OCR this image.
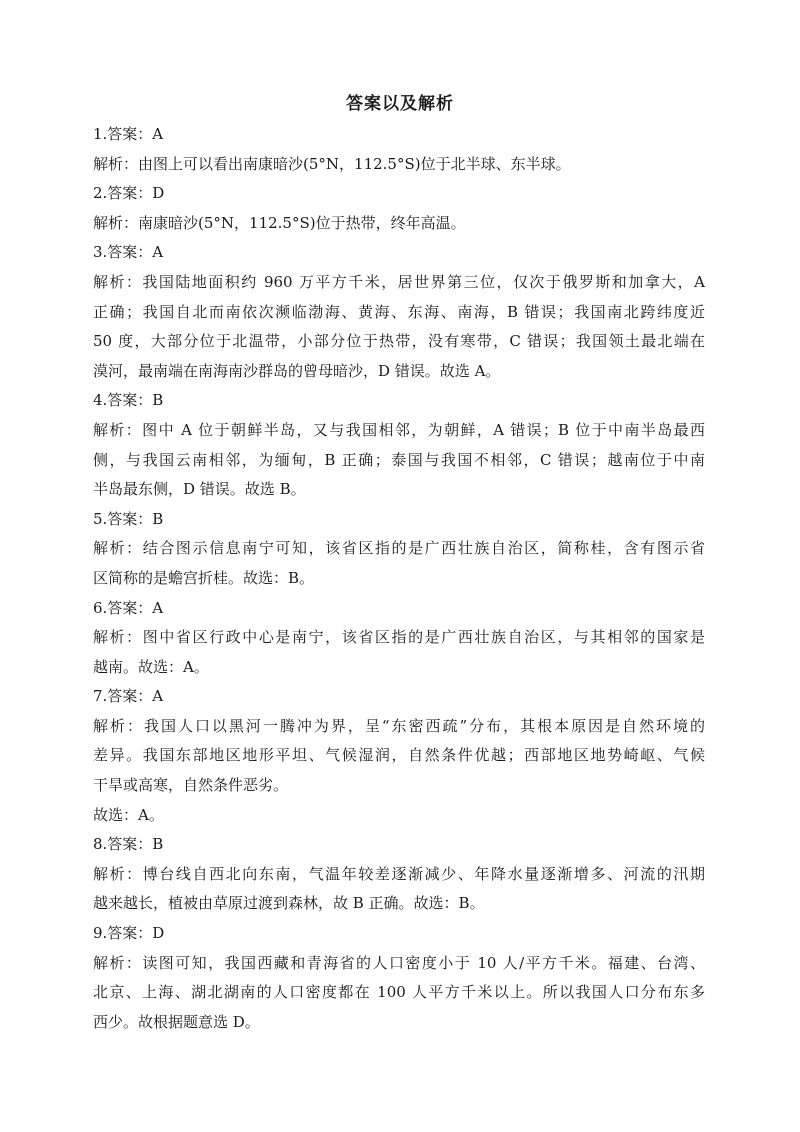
答案以及解析
1.答案：A
解析：由图上可以看出南康暗沙(5°N，112.5°S)位于北半球、东半球。
2.答案：D
解析：南康暗沙(5°N，112.5°S)位于热带，终年高温。
3.答案：A
解析：我国陆地面积约 960 万平方千米，居世界第三位，仅次于俄罗斯和加拿大，A
正确；我国自北而南依次濒临渤海、黄海、东海、南海，B 错误；我国南北跨纬度近
50 度，大部分位于北温带，小部分位于热带，没有寒带，C 错误；我国领土最北端在
漠河，最南端在南海南沙群岛的曾母暗沙，D 错误。故选 A。
4.答案：B
解析：图中 A 位于朝鲜半岛，又与我国相邻，为朝鲜，A 错误；B 位于中南半岛最西
侧，与我国云南相邻，为缅甸，B 正确；泰国与我国不相邻，C 错误；越南位于中南
半岛最东侧，D 错误。故选 B。
5.答案：B
解析：结合图示信息南宁可知，该省区指的是广西壮族自治区，简称桂，含有图示省
区简称的是蟾宫折桂。故选：B。
6.答案：A
解析：图中省区行政中心是南宁，该省区指的是广西壮族自治区，与其相邻的国家是
越南。故选：A。
7.答案：A
解析：我国人口以黑河一腾冲为界，呈“东密西疏”分布，其根本原因是自然环境的
差异。我国东部地区地形平坦、气候湿润，自然条件优越；西部地区地势崎岖、气候
干旱或高寒，自然条件恶劣。
故选：A。
8.答案：B
解析：博台线自西北向东南，气温年较差逐渐减少、年降水量逐渐增多、河流的汛期
越来越长，植被由草原过渡到森林，故 B 正确。故选：B。
9.答案：D
解析：读图可知，我国西藏和青海省的人口密度小于 10 人/平方千米。福建、台湾、
北京、上海、湖北湖南的人口密度都在 100 人平方千米以上。所以我国人口分布东多
西少。故根据题意选 D。
